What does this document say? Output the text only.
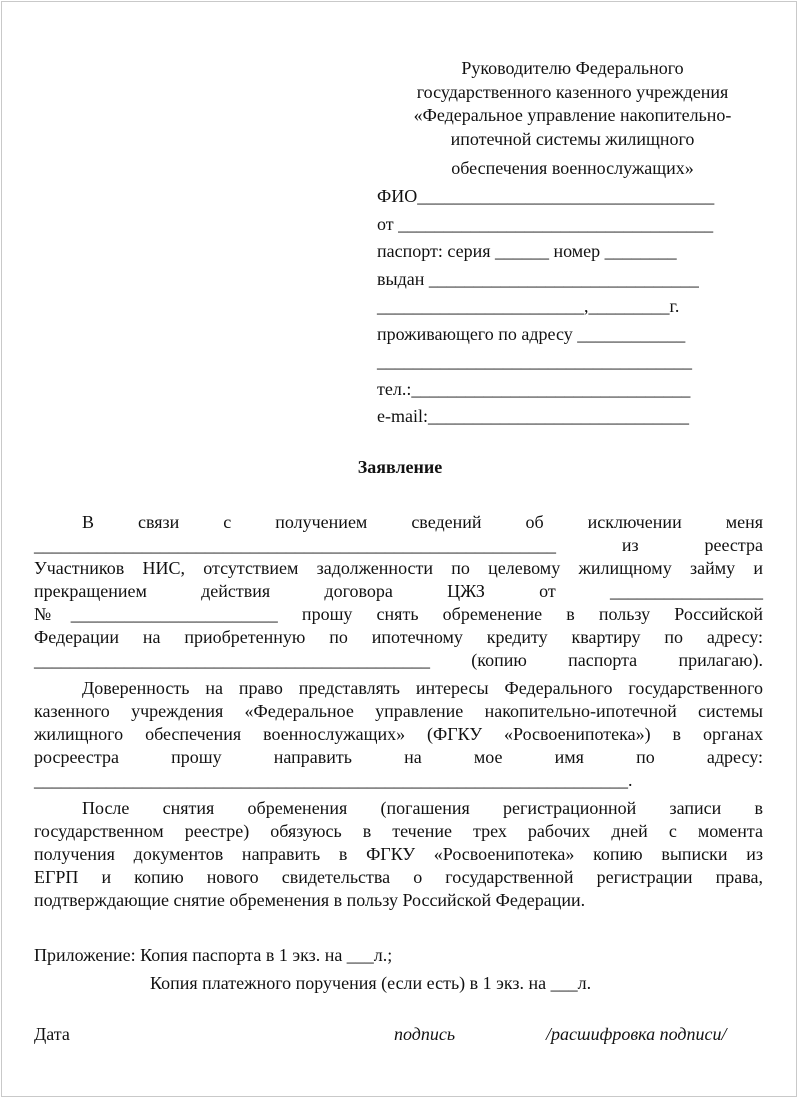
Руководителю Федерального
государственного казенного учреждения
«Федеральное управление накопительно-
ипотечной системы жилищного
обеспечения военнослужащих»
ФИО_________________________________
от ___________________________________
паспорт: серия ______ номер ________
выдан ______________________________
_______________________,_________г.
проживающего по адресу ____________
___________________________________
тел.:_______________________________
e-mail:_____________________________
Заявление
В связи с получением сведений об исключении меня
__________________________________________________________ из реестра
Участников НИС, отсутствием задолженности по целевому жилищному займу и
прекращением действия договора ЦЖЗ от _________________
№_______________________ прошу снять обременение в пользу Российской
Федерации на приобретенную по ипотечному кредиту квартиру по адресу:
____________________________________________ (копию паспорта прилагаю).
Доверенность на право представлять интересы Федерального государственного
казенного учреждения «Федеральное управление накопительно-ипотечной системы
жилищного обеспечения военнослужащих» (ФГКУ «Росвоенипотека») в органах
росреестра прошу направить на мое имя по адресу:
__________________________________________________________________.
После снятия обременения (погашения регистрационной записи в
государственном реестре) обязуюсь в течение трех рабочих дней с момента
получения документов направить в ФГКУ «Росвоенипотека» копию выписки из
ЕГРП и копию нового свидетельства о государственной регистрации права,
подтверждающие снятие обременения в пользу Российской Федерации.
Приложение: Копия паспорта в 1 экз. на ___л.;
Копия платежного поручения (если есть) в 1 экз. на ___л.
Дата	подпись	/расшифровка подписи/
